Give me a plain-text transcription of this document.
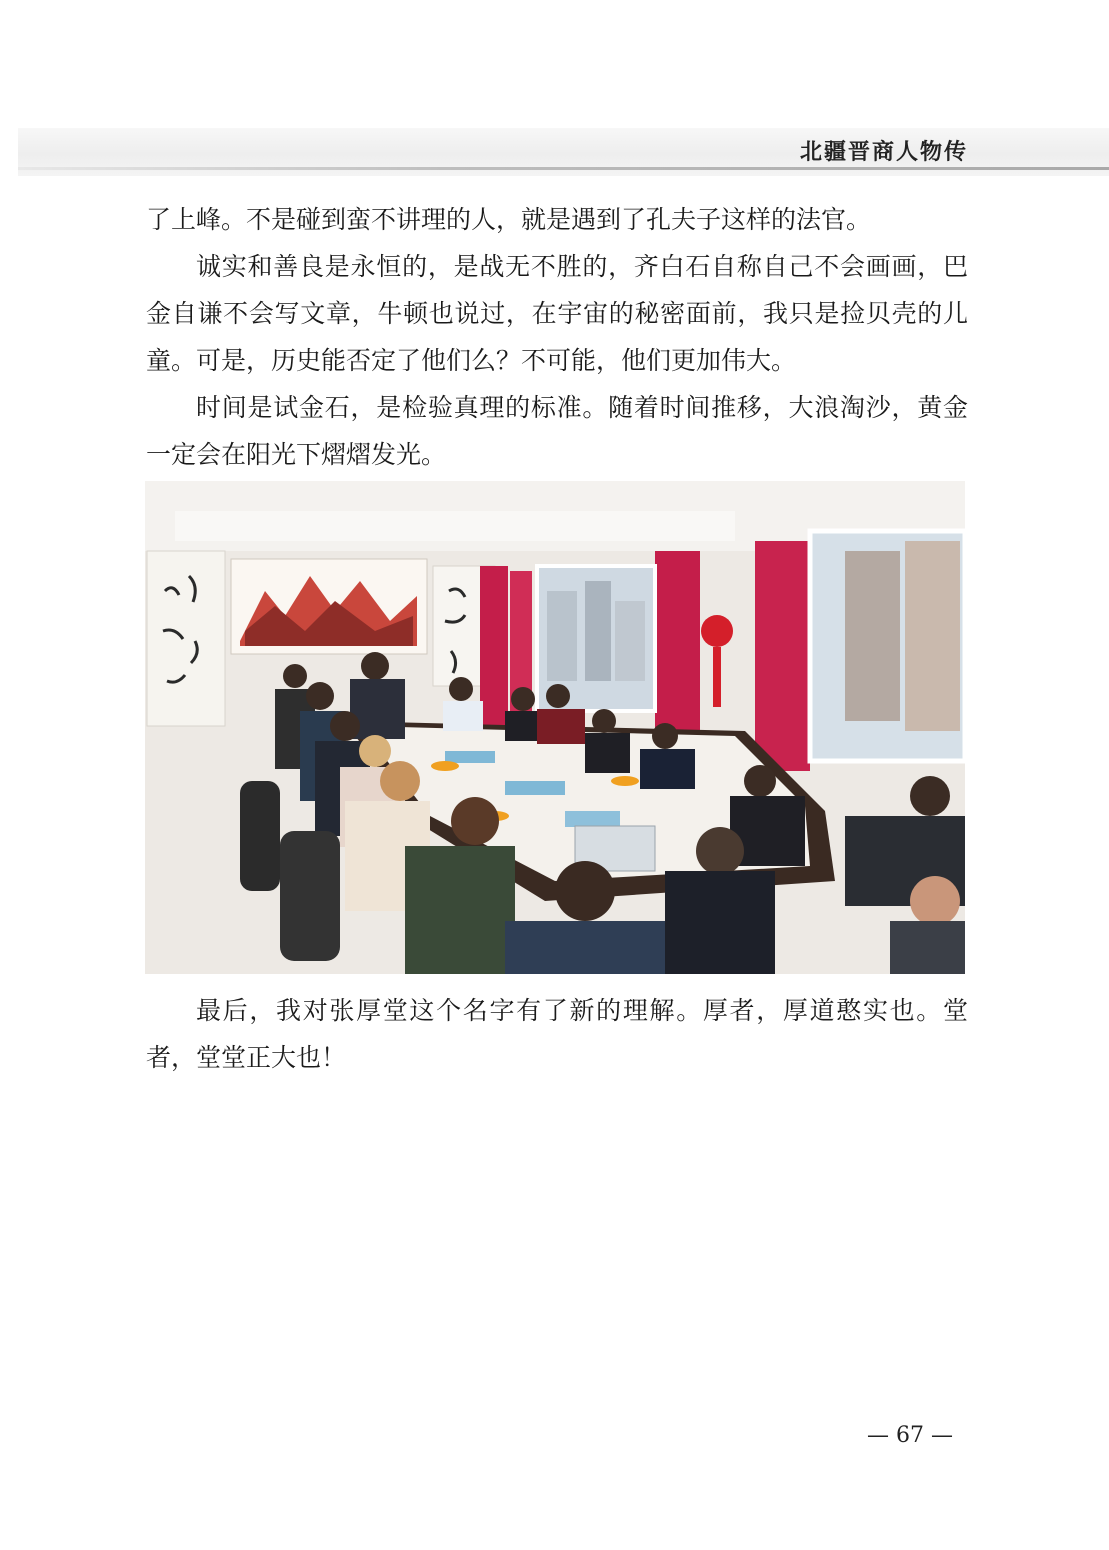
北疆晋商人物传

了上峰。不是碰到蛮不讲理的人，就是遇到了孔夫子这样的法官。

诚实和善良是永恒的，是战无不胜的，齐白石自称自己不会画画，巴金自谦不会写文章，牛顿也说过，在宇宙的秘密面前，我只是捡贝壳的儿童。可是，历史能否定了他们么？不可能，他们更加伟大。

时间是试金石，是检验真理的标准。随着时间推移，大浪淘沙，黄金一定会在阳光下熠熠发光。

最后，我对张厚堂这个名字有了新的理解。厚者，厚道憨实也。堂者，堂堂正大也！

— 67 —
